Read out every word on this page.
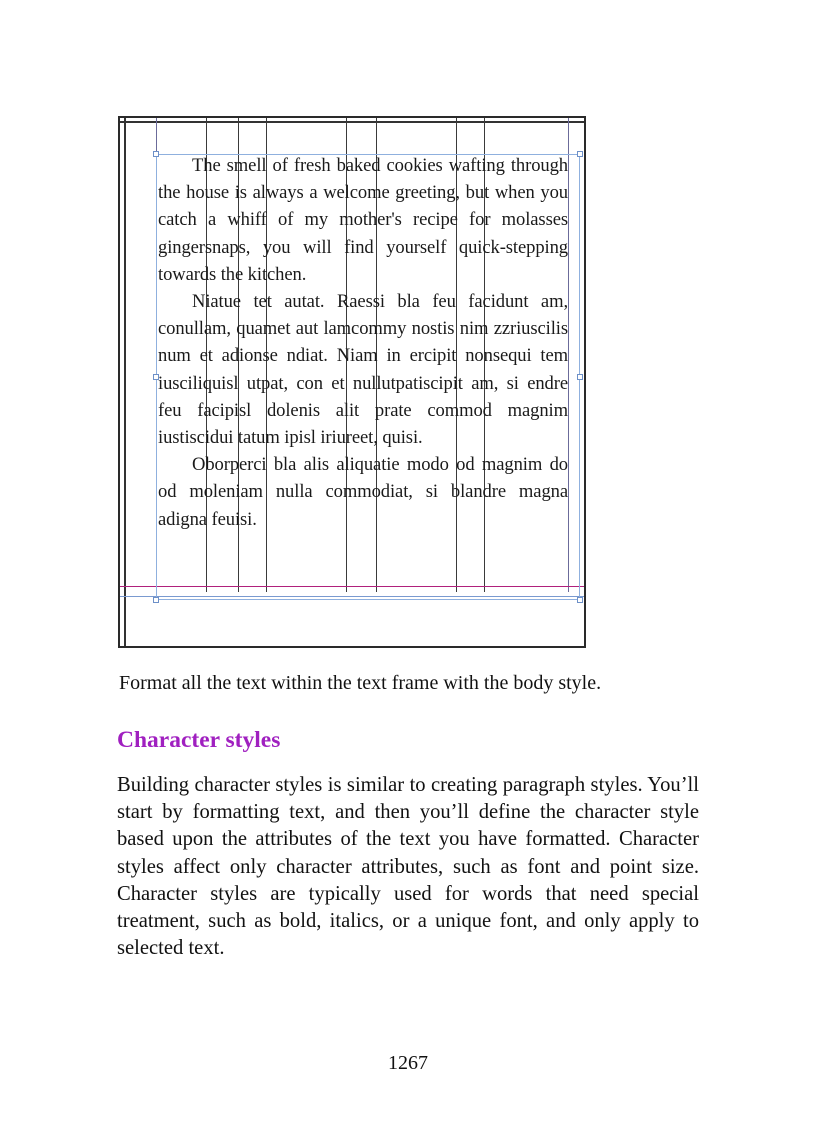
The smell of fresh baked cookies wafting through the house is always a welcome greeting, but when you catch a whiff of my mother's recipe for molasses gingersnaps, you will find yourself quick-stepping towards the kitchen.

Niatue tet autat. Raessi bla feu facidunt am, conullam, quamet aut lamcommy nostis nim zzriuscilis num et adionse ndiat. Niam in ercipit nonsequi tem iusciliquisl utpat, con et nullutpatiscipit am, si endre feu facipisl dolenis alit prate commod magnim iustiscidui tatum ipisl iriureet, quisi.

Oborperci bla alis aliquatie modo od magnim do od moleniam nulla commodiat, si blandre magna adigna feuisi.

Format all the text within the text frame with the body style.
Character styles
Building character styles is similar to creating paragraph styles. You’ll start by formatting text, and then you’ll define the character style based upon the attributes of the text you have formatted. Character styles affect only character attributes, such as font and point size. Character styles are typically used for words that need special treatment, such as bold, italics, or a unique font, and only apply to selected text.
1267
